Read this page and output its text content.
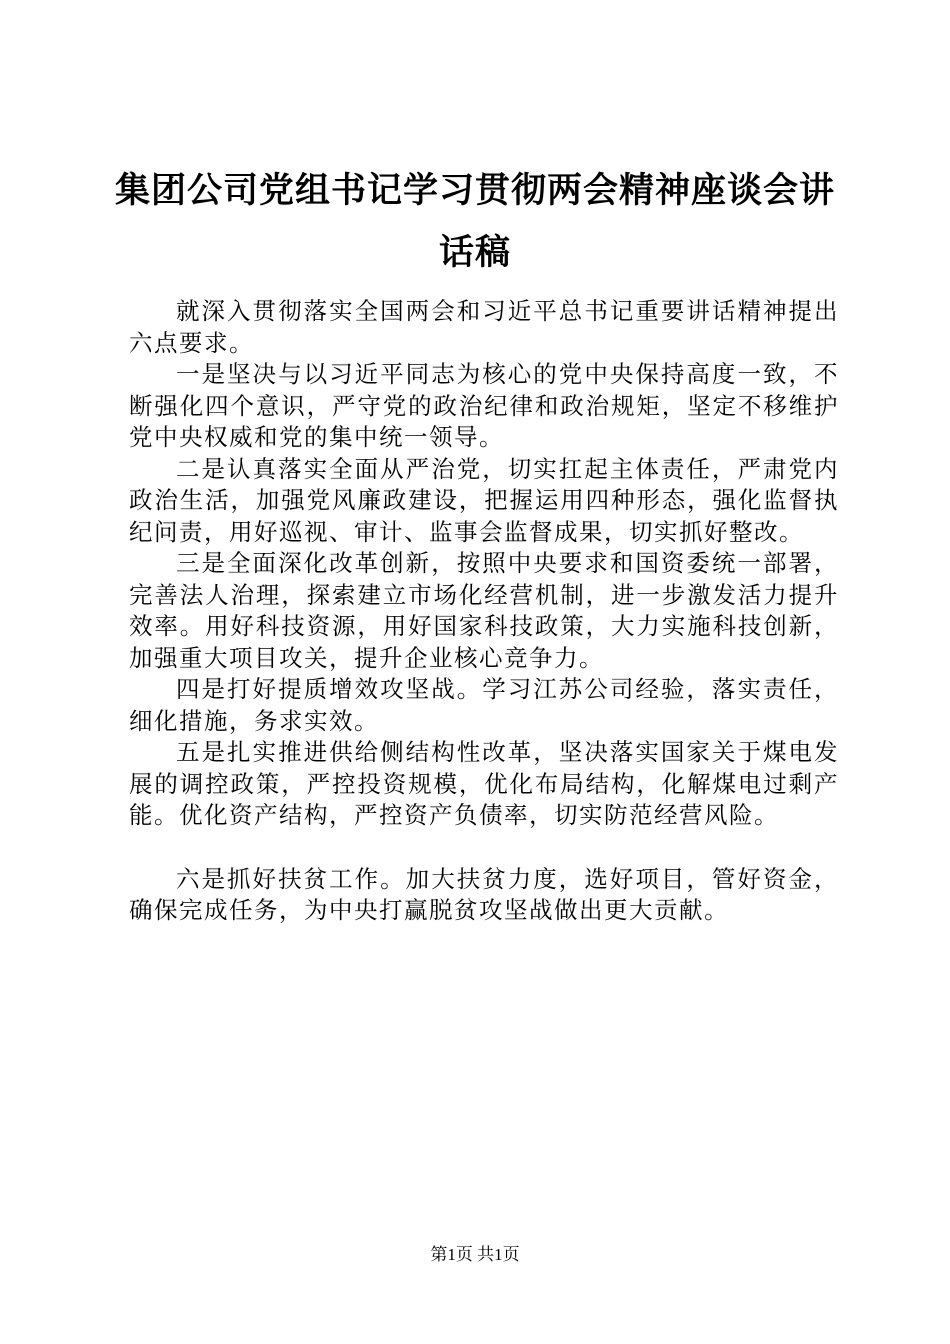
集团公司党组书记学习贯彻两会精神座谈会讲话稿

就深入贯彻落实全国两会和习近平总书记重要讲话精神提出六点要求。

一是坚决与以习近平同志为核心的党中央保持高度一致，不断强化四个意识，严守党的政治纪律和政治规矩，坚定不移维护党中央权威和党的集中统一领导。

二是认真落实全面从严治党，切实扛起主体责任，严肃党内政治生活，加强党风廉政建设，把握运用四种形态，强化监督执纪问责，用好巡视、审计、监事会监督成果，切实抓好整改。

三是全面深化改革创新，按照中央要求和国资委统一部署，完善法人治理，探索建立市场化经营机制，进一步激发活力提升效率。用好科技资源，用好国家科技政策，大力实施科技创新，加强重大项目攻关，提升企业核心竞争力。

四是打好提质增效攻坚战。学习江苏公司经验，落实责任，细化措施，务求实效。

五是扎实推进供给侧结构性改革，坚决落实国家关于煤电发展的调控政策，严控投资规模，优化布局结构，化解煤电过剩产能。优化资产结构，严控资产负债率，切实防范经营风险。

六是抓好扶贫工作。加大扶贫力度，选好项目，管好资金，确保完成任务，为中央打赢脱贫攻坚战做出更大贡献。

第1页 共1页
